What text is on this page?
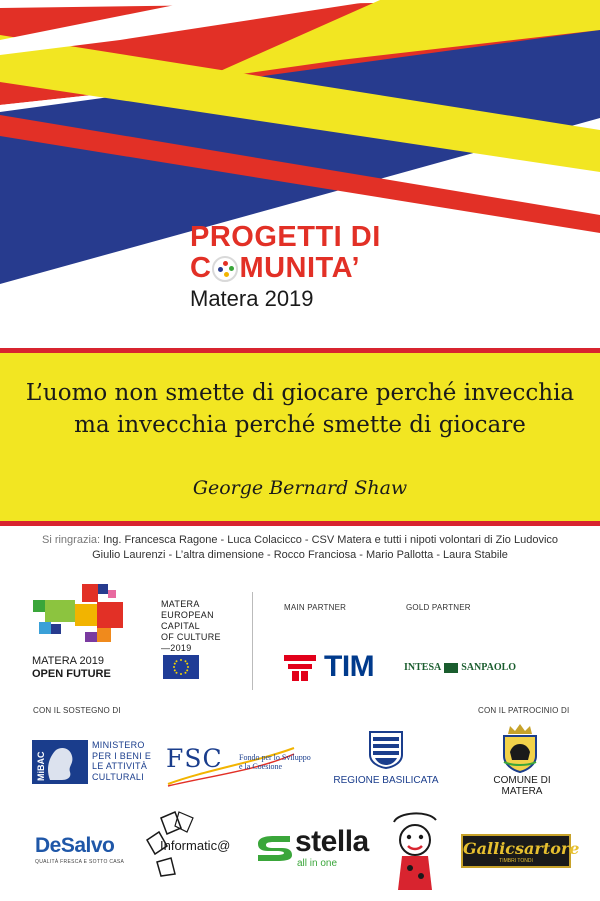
PROGETTI DI
C MUNITA’
Matera 2019
L’uomo non smette di giocare perché invecchia
ma invecchia perché smette di giocare
George Bernard Shaw
Si ringrazia: Ing. Francesca Ragone - Luca Colacicco - CSV Matera e tutti i nipoti volontari di Zio Ludovico
Giulio Laurenzi - L’altra dimensione - Rocco Franciosa - Mario Pallotta - Laura Stabile
MATERA 2019
OPEN FUTURE
MATERA
EUROPEAN
CAPITAL
OF CULTURE
—2019
MAIN PARTNER
TIM
GOLD PARTNER
INTESA SANPAOLO
CON IL SOSTEGNO DI	CON IL PATROCINIO DI
MiBAC
MINISTERO
PER I BENI E
LE ATTIVITÀ
CULTURALI
FSC Fondo per lo Sviluppo
e la Coesione
REGIONE BASILICATA	COMUNE DI MATERA
DeSalvo
QUALITÀ FRESCA E SOTTO CASA
Informatic@ stella
all in one
Gallicsartore
TIMBRI TONDI
